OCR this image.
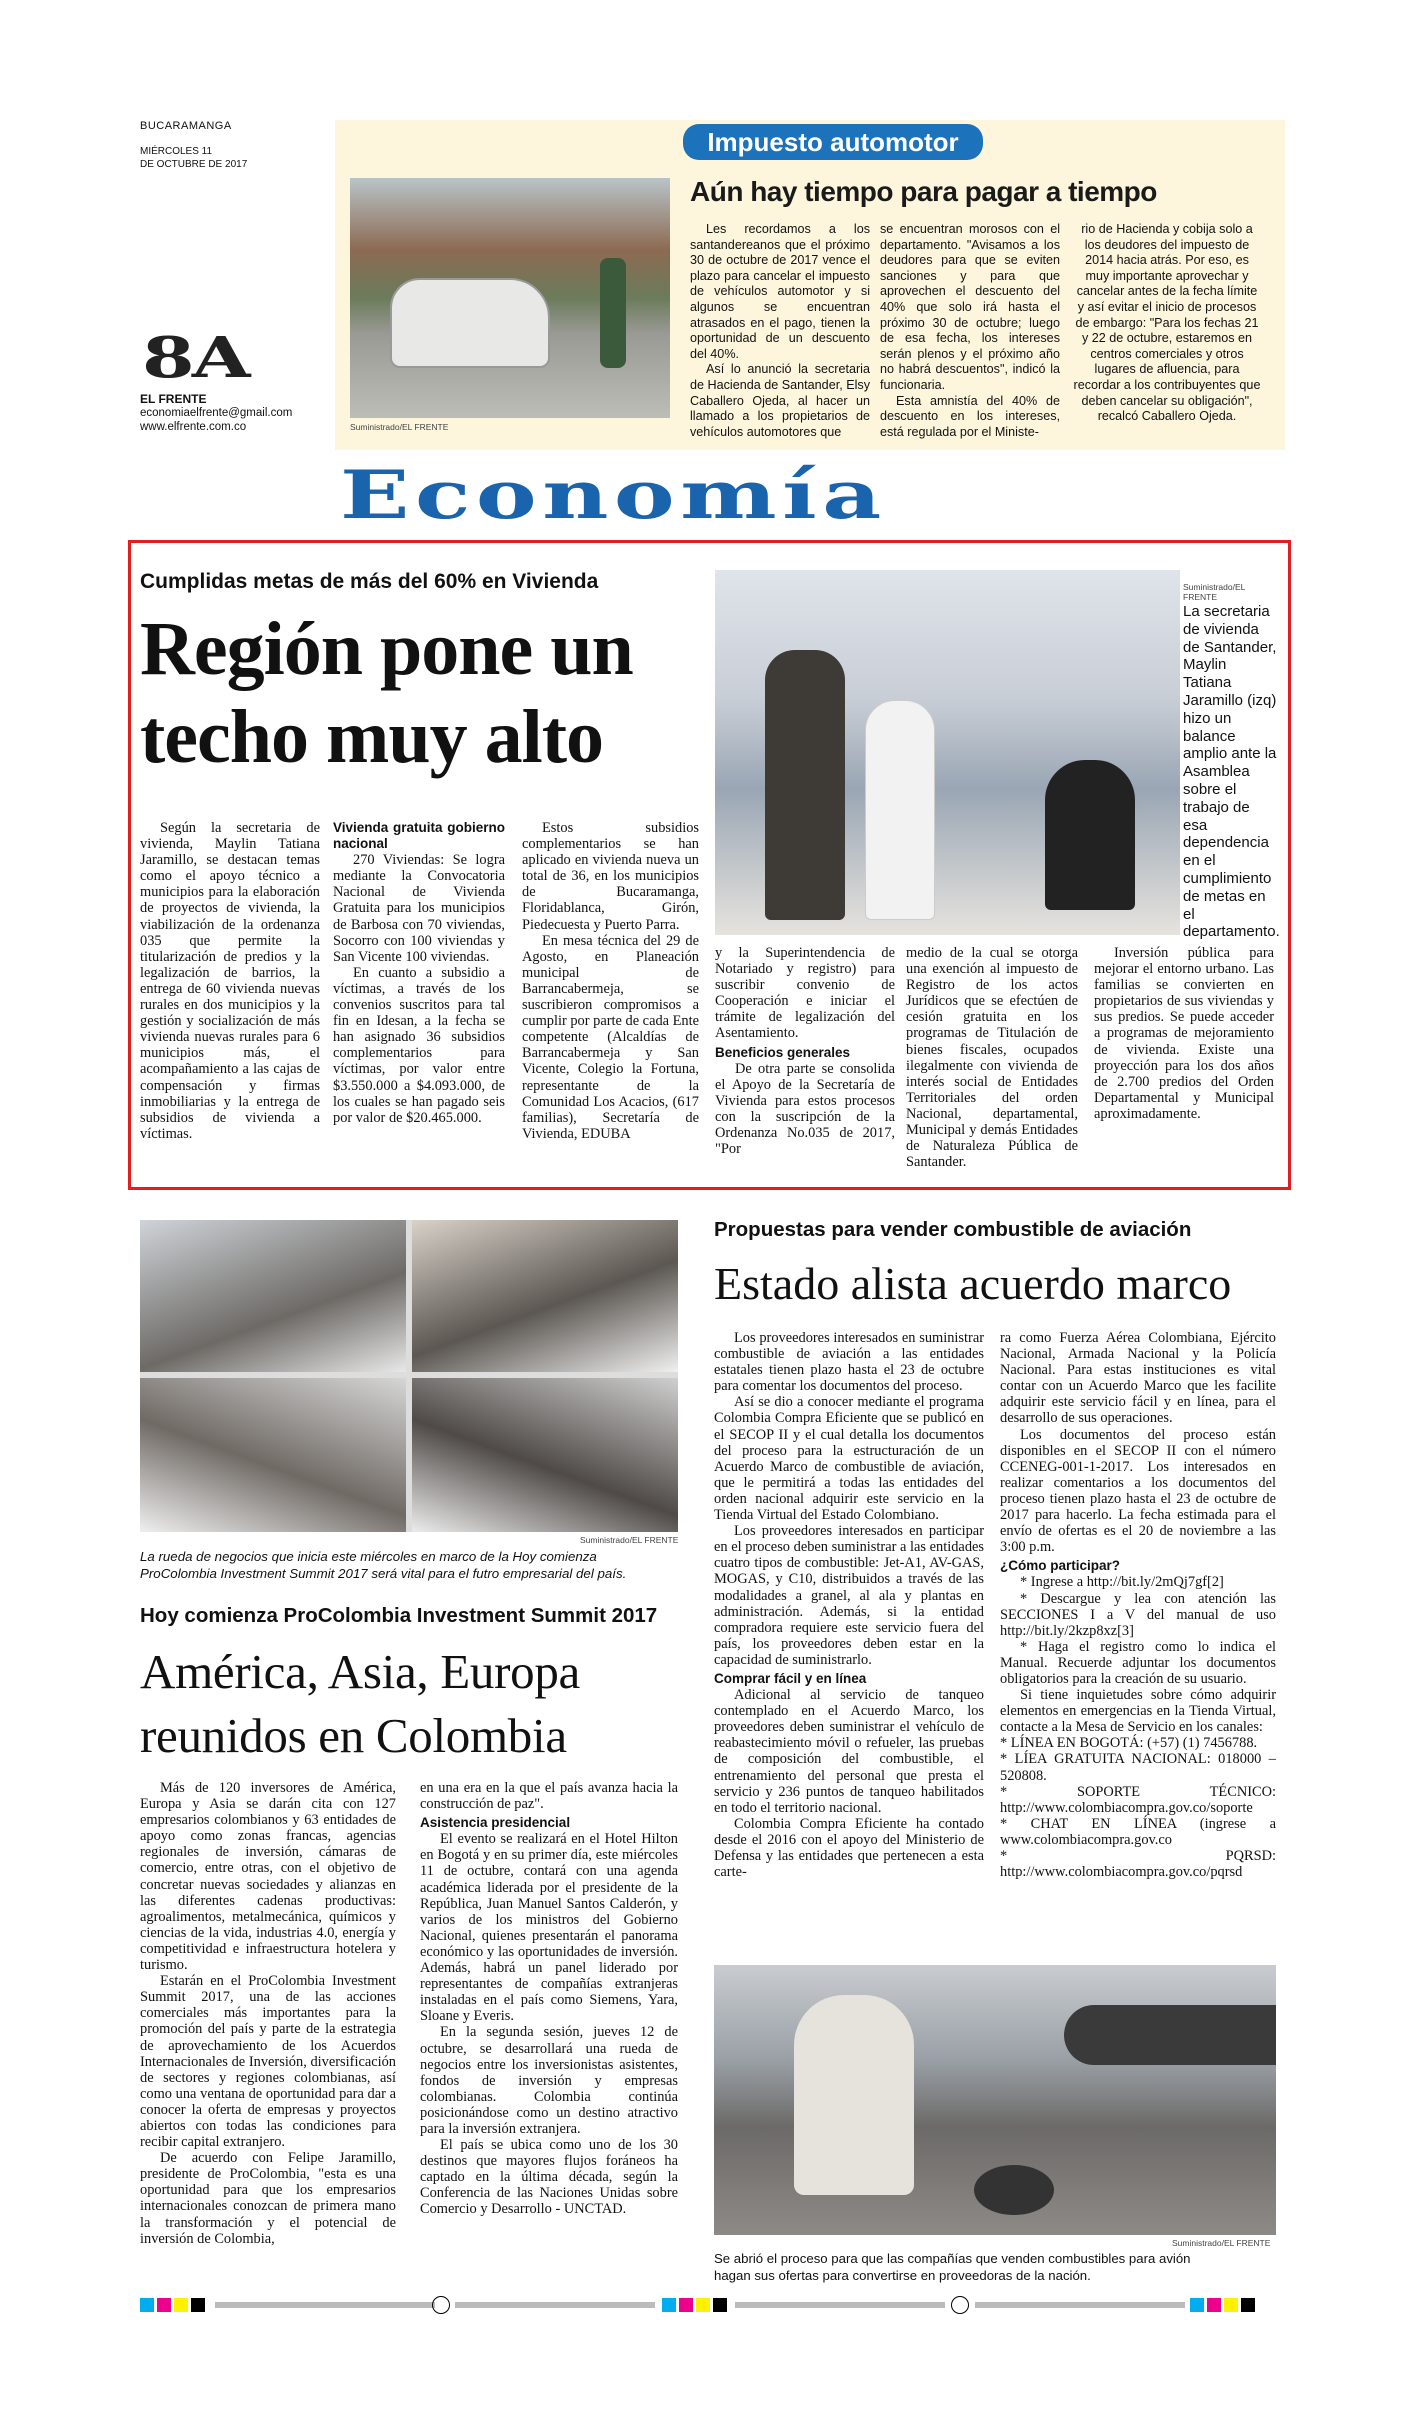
BUCARAMANGA
MIÉRCOLES 11
DE OCTUBRE DE 2017
8A
EL FRENTE
economiaelfrente@gmail.com
www.elfrente.com.co
Impuesto automotor
Suministrado/EL FRENTE
Aún hay tiempo para pagar a tiempo

Les recordamos a los santandereanos que el próximo 30 de octubre de 2017 vence el plazo para cancelar el impuesto de vehículos automotor y si algunos se encuentran atrasados en el pago, tienen la oportunidad de un descuento del 40%.

Así lo anunció la secretaria de Hacienda de Santander, Elsy Caballero Ojeda, al hacer un llamado a los propietarios de vehículos automotores que

se encuentran morosos con el departamento. "Avisamos a los deudores para que se eviten sanciones y para que aprovechen el descuento del 40% que solo irá hasta el próximo 30 de octubre; luego de esa fecha, los intereses serán plenos y el próximo año no habrá descuentos", indicó la funcionaria.

Esta amnistía del 40% de descuento en los intereses, está regulada por el Ministe-

rio de Hacienda y cobija solo a los deudores del impuesto de 2014 hacia atrás. Por eso, es muy importante aprovechar y cancelar antes de la fecha límite y así evitar el inicio de procesos de embargo: "Para los fechas 21 y 22 de octubre, estaremos en centros comerciales y otros lugares de afluencia, para recordar a los contribuyentes que deben cancelar su obligación", recalcó Caballero Ojeda.

Economía
Cumplidas metas de más del 60% en Vivienda
Región pone un
techo muy alto
Suministrado/EL FRENTE
La secretaria de vivienda de Santander, Maylin Tatiana Jaramillo (izq) hizo un balance amplio ante la Asamblea sobre el trabajo de esa dependencia en el cumplimiento de metas en el departamento.

Según la secretaria de vivienda, Maylin Tatiana Jaramillo, se destacan temas como el apoyo técnico a municipios para la elaboración de proyectos de vivienda, la viabilización de la ordenanza 035 que permite la titularización de predios y la legalización de barrios, la entrega de 60 vivienda nuevas rurales en dos municipios y la gestión y socialización de más vivienda nuevas rurales para 6 municipios más, el acompañamiento a las cajas de compensación y firmas inmobiliarias y la entrega de subsidios de vivienda a víctimas.

Vivienda gratuita gobierno nacional

270 Viviendas: Se logra mediante la Convocatoria Nacional de Vivienda Gratuita para los municipios de Barbosa con 70 viviendas, Socorro con 100 viviendas y San Vicente 100 viviendas.

En cuanto a subsidio a víctimas, a través de los convenios suscritos para tal fin en Idesan, a la fecha se han asignado 36 subsidios complementarios para víctimas, por valor entre $3.550.000 a $4.093.000, de los cuales se han pagado seis por valor de $20.465.000.

Estos subsidios complementarios se han aplicado en vivienda nueva un total de 36, en los municipios de Bucaramanga, Floridablanca, Girón, Piedecuesta y Puerto Parra.

En mesa técnica del 29 de Agosto, en Planeación municipal de Barrancabermeja, se suscribieron compromisos a cumplir por parte de cada Ente competente (Alcaldías de Barrancabermeja y San Vicente, Colegio la Fortuna, representante de la Comunidad Los Acacios, (617 familias), Secretaría de Vivienda, EDUBA

y la Superintendencia de Notariado y registro) para suscribir convenio de Cooperación e iniciar el trámite de legalización del Asentamiento.

Beneficios generales

De otra parte se consolida el Apoyo de la Secretaría de Vivienda para estos procesos con la suscripción de la Ordenanza No.035 de 2017, "Por

medio de la cual se otorga una exención al impuesto de Registro de los actos Jurídicos que se efectúen de cesión gratuita en los programas de Titulación de bienes fiscales, ocupados ilegalmente con vivienda de interés social de Entidades Territoriales del orden Nacional, departamental, Municipal y demás Entidades de Naturaleza Pública de Santander.

Inversión pública para mejorar el entorno urbano. Las familias se convierten en propietarios de sus viviendas y sus predios. Se puede acceder a programas de mejoramiento de vivienda. Existe una proyección para los dos años de 2.700 predios del Orden Departamental y Municipal aproximadamente.

Suministrado/EL FRENTE
La rueda de negocios que inicia este miércoles en marco de la Hoy comienza
ProColombia Investment Summit 2017 será vital para el futro empresarial del país.
Hoy comienza ProColombia Investment Summit 2017
América, Asia, Europa
reunidos en Colombia

Más de 120 inversores de América, Europa y Asia se darán cita con 127 empresarios colombianos y 63 entidades de apoyo como zonas francas, agencias regionales de inversión, cámaras de comercio, entre otras, con el objetivo de concretar nuevas sociedades y alianzas en las diferentes cadenas productivas: agroalimentos, metalmecánica, químicos y ciencias de la vida, industrias 4.0, energía y competitividad e infraestructura hotelera y turismo.

Estarán en el ProColombia Investment Summit 2017, una de las acciones comerciales más importantes para la promoción del país y parte de la estrategia de aprovechamiento de los Acuerdos Internacionales de Inversión, diversificación de sectores y regiones colombianas, así como una ventana de oportunidad para dar a conocer la oferta de empresas y proyectos abiertos con todas las condiciones para recibir capital extranjero.

De acuerdo con Felipe Jaramillo, presidente de ProColombia, "esta es una oportunidad para que los empresarios internacionales conozcan de primera mano la transformación y el potencial de inversión de Colombia,

en una era en la que el país avanza hacia la construcción de paz".

Asistencia presidencial

El evento se realizará en el Hotel Hilton en Bogotá y en su primer día, este miércoles 11 de octubre, contará con una agenda académica liderada por el presidente de la República, Juan Manuel Santos Calderón, y varios de los ministros del Gobierno Nacional, quienes presentarán el panorama económico y las oportunidades de inversión. Además, habrá un panel liderado por representantes de compañías extranjeras instaladas en el país como Siemens, Yara, Sloane y Everis.

En la segunda sesión, jueves 12 de octubre, se desarrollará una rueda de negocios entre los inversionistas asistentes, fondos de inversión y empresas colombianas. Colombia continúa posicionándose como un destino atractivo para la inversión extranjera.

El país se ubica como uno de los 30 destinos que mayores flujos foráneos ha captado en la última década, según la Conferencia de las Naciones Unidas sobre Comercio y Desarrollo - UNCTAD.

Propuestas para vender combustible de aviación
Estado alista acuerdo marco

Los proveedores interesados en suministrar combustible de aviación a las entidades estatales tienen plazo hasta el 23 de octubre para comentar los documentos del proceso.

Así se dio a conocer mediante el programa Colombia Compra Eficiente que se publicó en el SECOP II y el cual detalla los documentos del proceso para la estructuración de un Acuerdo Marco de combustible de aviación, que le permitirá a todas las entidades del orden nacional adquirir este servicio en la Tienda Virtual del Estado Colombiano.

Los proveedores interesados en participar en el proceso deben suministrar a las entidades cuatro tipos de combustible: Jet-A1, AV-GAS, MOGAS, y C10, distribuidos a través de las modalidades a granel, al ala y plantas en administración. Además, si la entidad compradora requiere este servicio fuera del país, los proveedores deben estar en la capacidad de suministrarlo.

Comprar fácil y en línea

Adicional al servicio de tanqueo contemplado en el Acuerdo Marco, los proveedores deben suministrar el vehículo de reabastecimiento móvil o refueler, las pruebas de composición del combustible, el entrenamiento del personal que presta el servicio y 236 puntos de tanqueo habilitados en todo el territorio nacional.

Colombia Compra Eficiente ha contado desde el 2016 con el apoyo del Ministerio de Defensa y las entidades que pertenecen a esta carte-

ra como Fuerza Aérea Colombiana, Ejército Nacional, Armada Nacional y la Policía Nacional. Para estas instituciones es vital contar con un Acuerdo Marco que les facilite adquirir este servicio fácil y en línea, para el desarrollo de sus operaciones.

Los documentos del proceso están disponibles en el SECOP II con el número CCENEG-001-1-2017. Los interesados en realizar comentarios a los documentos del proceso tienen plazo hasta el 23 de octubre de 2017 para hacerlo. La fecha estimada para el envío de ofertas es el 20 de noviembre a las 3:00 p.m.

¿Cómo participar?

* Ingrese a http://bit.ly/2mQj7gf[2]

* Descargue y lea con atención las SECCIONES I a V del manual de uso http://bit.ly/2kzp8xz[3]

* Haga el registro como lo indica el Manual. Recuerde adjuntar los documentos obligatorios para la creación de su usuario.

Si tiene inquietudes sobre cómo adquirir elementos en emergencias en la Tienda Virtual, contacte a la Mesa de Servicio en los canales:

* LÍNEA EN BOGOTÁ: (+57) (1) 7456788.

* LÍEA GRATUITA NACIONAL: 018000 – 520808.

* SOPORTE TÉCNICO: http://www.colombiacompra.gov.co/soporte

* CHAT EN LÍNEA (ingrese a www.colombiacompra.gov.co

* PQRSD: http://www.colombiacompra.gov.co/pqrsd

Suministrado/EL FRENTE
Se abrió el proceso para que las compañías que venden combustibles para avión
hagan sus ofertas para convertirse en proveedoras de la nación.
